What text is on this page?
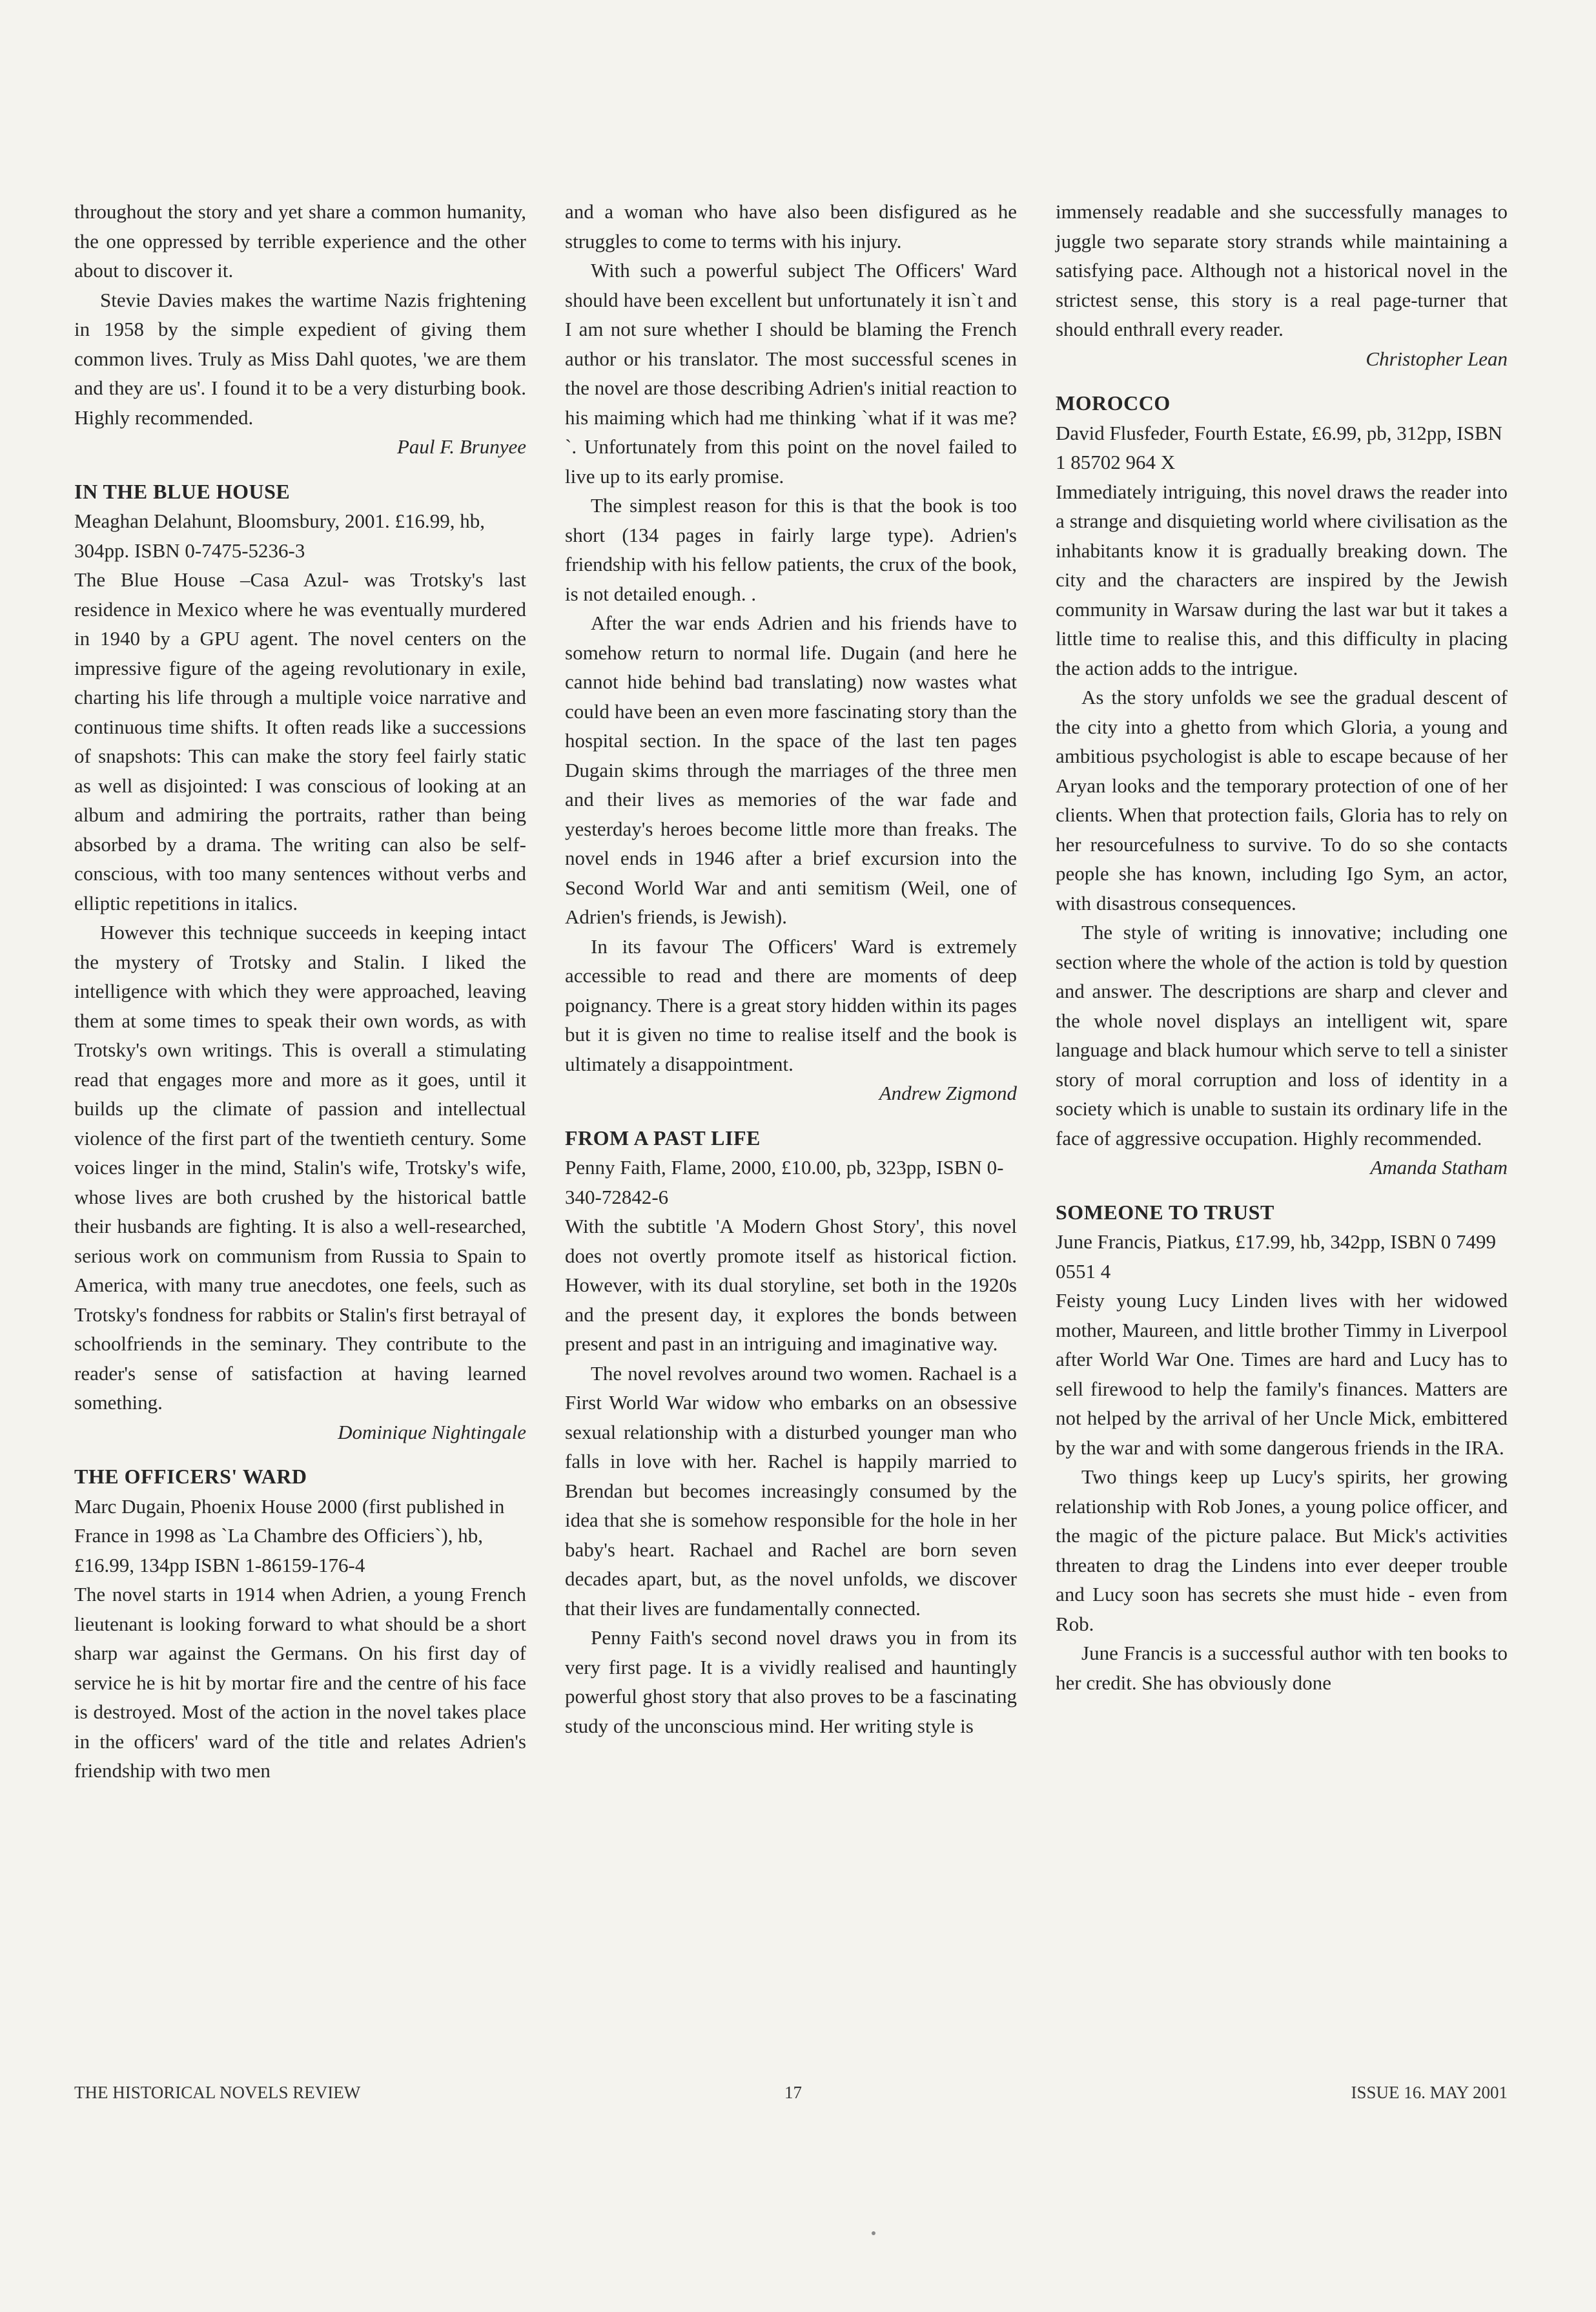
throughout the story and yet share a common humanity, the one oppressed by terrible experience and the other about to discover it.

Stevie Davies makes the wartime Nazis frightening in 1958 by the simple expedient of giving them common lives. Truly as Miss Dahl quotes, 'we are them and they are us'. I found it to be a very disturbing book. Highly recommended.

Paul F. Brunyee

IN THE BLUE HOUSE

Meaghan Delahunt, Bloomsbury, 2001. £16.99, hb, 304pp. ISBN 0-7475-5236-3

The Blue House –Casa Azul- was Trotsky's last residence in Mexico where he was eventually murdered in 1940 by a GPU agent. The novel centers on the impressive figure of the ageing revolutionary in exile, charting his life through a multiple voice narrative and continuous time shifts. It often reads like a successions of snapshots: This can make the story feel fairly static as well as disjointed: I was conscious of looking at an album and admiring the portraits, rather than being absorbed by a drama. The writing can also be self-conscious, with too many sentences without verbs and elliptic repetitions in italics.

However this technique succeeds in keeping intact the mystery of Trotsky and Stalin. I liked the intelligence with which they were approached, leaving them at some times to speak their own words, as with Trotsky's own writings. This is overall a stimulating read that engages more and more as it goes, until it builds up the climate of passion and intellectual violence of the first part of the twentieth century. Some voices linger in the mind, Stalin's wife, Trotsky's wife, whose lives are both crushed by the historical battle their husbands are fighting. It is also a well-researched, serious work on communism from Russia to Spain to America, with many true anecdotes, one feels, such as Trotsky's fondness for rabbits or Stalin's first betrayal of schoolfriends in the seminary. They contribute to the reader's sense of satisfaction at having learned something.

Dominique Nightingale

THE OFFICERS' WARD

Marc Dugain, Phoenix House 2000 (first published in France in 1998 as `La Chambre des Officiers`), hb, £16.99, 134pp ISBN 1-86159-176-4

The novel starts in 1914 when Adrien, a young French lieutenant is looking forward to what should be a short sharp war against the Germans. On his first day of service he is hit by mortar fire and the centre of his face is destroyed. Most of the action in the novel takes place in the officers' ward of the title and relates Adrien's friendship with two men

and a woman who have also been disfigured as he struggles to come to terms with his injury.

With such a powerful subject The Officers' Ward should have been excellent but unfortunately it isn`t and I am not sure whether I should be blaming the French author or his translator. The most successful scenes in the novel are those describing Adrien's initial reaction to his maiming which had me thinking `what if it was me?`. Unfortunately from this point on the novel failed to live up to its early promise.

The simplest reason for this is that the book is too short (134 pages in fairly large type). Adrien's friendship with his fellow patients, the crux of the book, is not detailed enough. .

After the war ends Adrien and his friends have to somehow return to normal life. Dugain (and here he cannot hide behind bad translating) now wastes what could have been an even more fascinating story than the hospital section. In the space of the last ten pages Dugain skims through the marriages of the three men and their lives as memories of the war fade and yesterday's heroes become little more than freaks. The novel ends in 1946 after a brief excursion into the Second World War and anti semitism (Weil, one of Adrien's friends, is Jewish).

In its favour The Officers' Ward is extremely accessible to read and there are moments of deep poignancy. There is a great story hidden within its pages but it is given no time to realise itself and the book is ultimately a disappointment.

Andrew Zigmond

FROM A PAST LIFE

Penny Faith, Flame, 2000, £10.00, pb, 323pp, ISBN 0-340-72842-6

With the subtitle 'A Modern Ghost Story', this novel does not overtly promote itself as historical fiction. However, with its dual storyline, set both in the 1920s and the present day, it explores the bonds between present and past in an intriguing and imaginative way.

The novel revolves around two women. Rachael is a First World War widow who embarks on an obsessive sexual relationship with a disturbed younger man who falls in love with her. Rachel is happily married to Brendan but becomes increasingly consumed by the idea that she is somehow responsible for the hole in her baby's heart. Rachael and Rachel are born seven decades apart, but, as the novel unfolds, we discover that their lives are fundamentally connected.

Penny Faith's second novel draws you in from its very first page. It is a vividly realised and hauntingly powerful ghost story that also proves to be a fascinating study of the unconscious mind. Her writing style is

immensely readable and she successfully manages to juggle two separate story strands while maintaining a satisfying pace. Although not a historical novel in the strictest sense, this story is a real page-turner that should enthrall every reader.

Christopher Lean

MOROCCO

David Flusfeder, Fourth Estate, £6.99, pb, 312pp, ISBN 1 85702 964 X

Immediately intriguing, this novel draws the reader into a strange and disquieting world where civilisation as the inhabitants know it is gradually breaking down. The city and the characters are inspired by the Jewish community in Warsaw during the last war but it takes a little time to realise this, and this difficulty in placing the action adds to the intrigue.

As the story unfolds we see the gradual descent of the city into a ghetto from which Gloria, a young and ambitious psychologist is able to escape because of her Aryan looks and the temporary protection of one of her clients. When that protection fails, Gloria has to rely on her resourcefulness to survive. To do so she contacts people she has known, including Igo Sym, an actor, with disastrous consequences.

The style of writing is innovative; including one section where the whole of the action is told by question and answer. The descriptions are sharp and clever and the whole novel displays an intelligent wit, spare language and black humour which serve to tell a sinister story of moral corruption and loss of identity in a society which is unable to sustain its ordinary life in the face of aggressive occupation. Highly recommended.

Amanda Statham

SOMEONE TO TRUST

June Francis, Piatkus, £17.99, hb, 342pp, ISBN 0 7499 0551 4

Feisty young Lucy Linden lives with her widowed mother, Maureen, and little brother Timmy in Liverpool after World War One. Times are hard and Lucy has to sell firewood to help the family's finances. Matters are not helped by the arrival of her Uncle Mick, embittered by the war and with some dangerous friends in the IRA.

Two things keep up Lucy's spirits, her growing relationship with Rob Jones, a young police officer, and the magic of the picture palace. But Mick's activities threaten to drag the Lindens into ever deeper trouble and Lucy soon has secrets she must hide - even from Rob.

June Francis is a successful author with ten books to her credit. She has obviously done

THE HISTORICAL NOVELS REVIEW	17	ISSUE 16. MAY 2001
